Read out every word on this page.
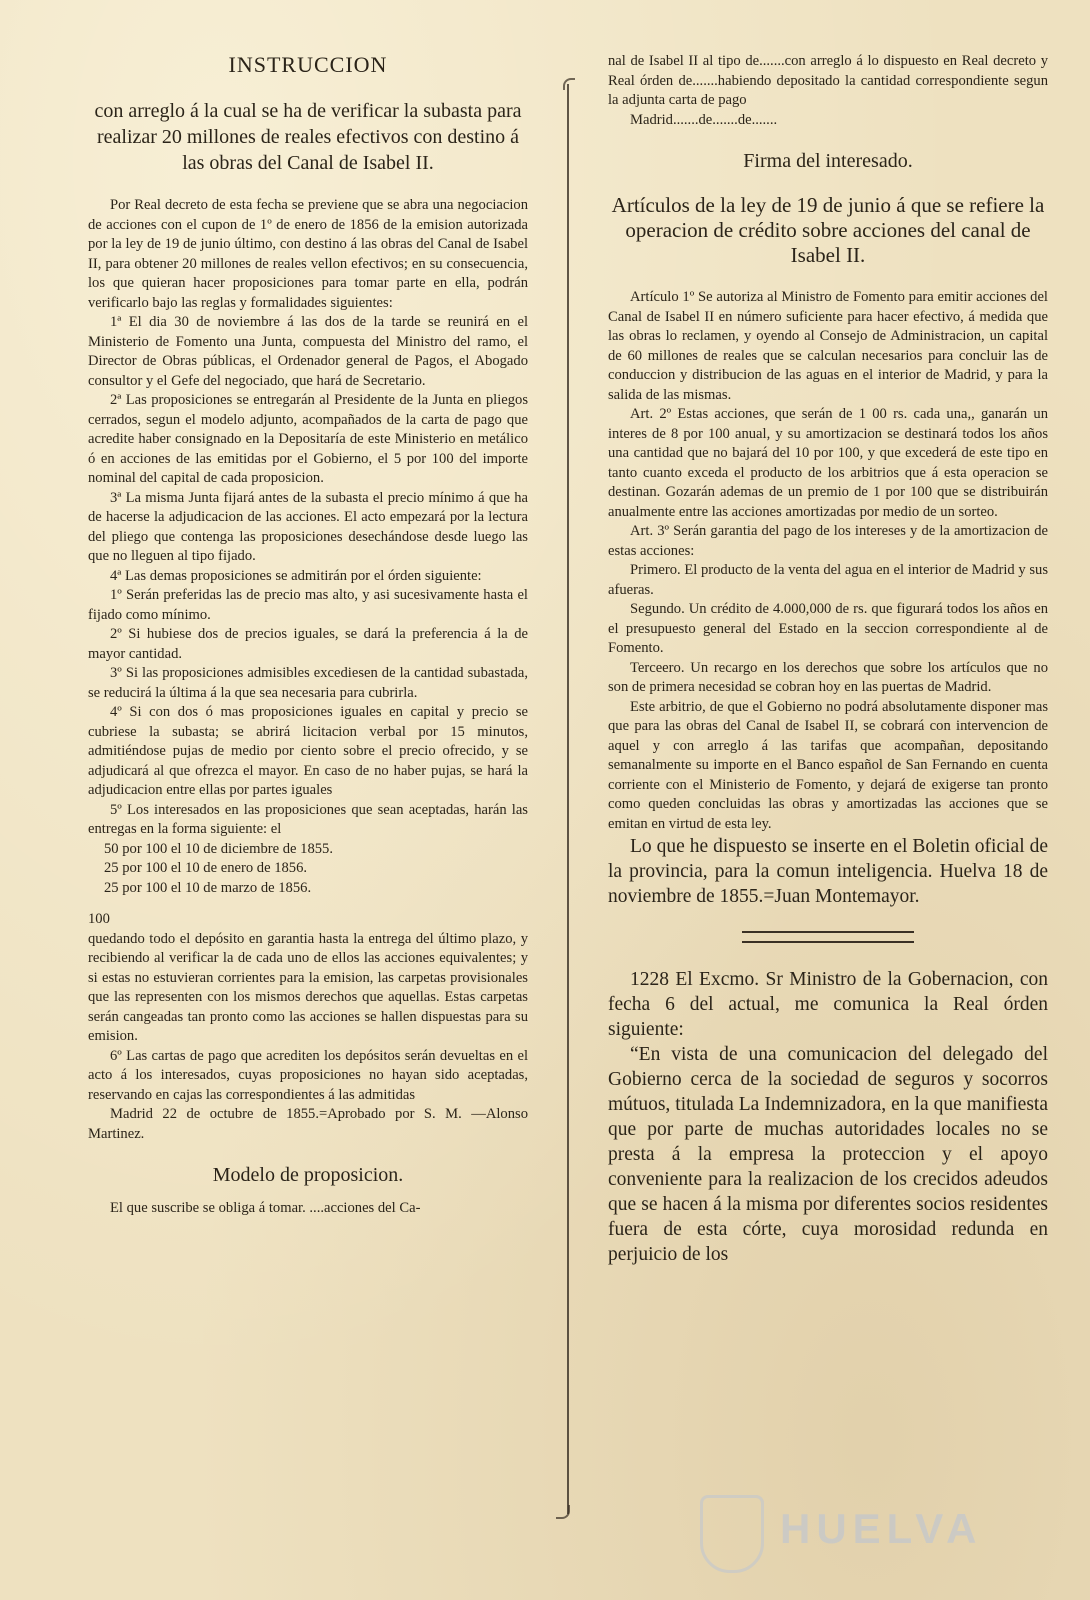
INSTRUCCION
con arreglo á la cual se ha de verificar la subasta para realizar 20 millones de reales efectivos con destino á las obras del Canal de Isabel II.

Por Real decreto de esta fecha se previene que se abra una negociacion de acciones con el cupon de 1º de enero de 1856 de la emision autorizada por la ley de 19 de junio último, con destino á las obras del Canal de Isabel II, para obtener 20 millones de reales vellon efectivos; en su consecuencia, los que quieran hacer proposiciones para tomar parte en ella, podrán verificarlo bajo las reglas y formalidades siguientes:

1ª El dia 30 de noviembre á las dos de la tarde se reunirá en el Ministerio de Fomento una Junta, compuesta del Ministro del ramo, el Director de Obras públicas, el Ordenador general de Pagos, el Abogado consultor y el Gefe del negociado, que hará de Secretario.

2ª Las proposiciones se entregarán al Presidente de la Junta en pliegos cerrados, segun el modelo adjunto, acompañados de la carta de pago que acredite haber consignado en la Depositaría de este Ministerio en metálico ó en acciones de las emitidas por el Gobierno, el 5 por 100 del importe nominal del capital de cada proposicion.

3ª La misma Junta fijará antes de la subasta el precio mínimo á que ha de hacerse la adjudicacion de las acciones. El acto empezará por la lectura del pliego que contenga las proposiciones desechándose desde luego las que no lleguen al tipo fijado.

4ª Las demas proposiciones se admitirán por el órden siguiente:

1º Serán preferidas las de precio mas alto, y asi sucesivamente hasta el fijado como mínimo.

2º Si hubiese dos de precios iguales, se dará la preferencia á la de mayor cantidad.

3º Si las proposiciones admisibles excediesen de la cantidad subastada, se reducirá la última á la que sea necesaria para cubrirla.

4º Si con dos ó mas proposiciones iguales en capital y precio se cubriese la subasta; se abrirá licitacion verbal por 15 minutos, admitiéndose pujas de medio por ciento sobre el precio ofrecido, y se adjudicará al que ofrezca el mayor. En caso de no haber pujas, se hará la adjudicacion entre ellas por partes iguales

5º Los interesados en las proposiciones que sean aceptadas, harán las entregas en la forma siguiente: el

50 por 100 el 10 de diciembre de 1855.

25 por 100 el 10 de enero de 1856.

25 por 100 el 10 de marzo de 1856.

100

quedando todo el depósito en garantia hasta la entrega del último plazo, y recibiendo al verificar la de cada uno de ellos las acciones equivalentes; y si estas no estuvieran corrientes para la emision, las carpetas provisionales que las representen con los mismos derechos que aquellas. Estas carpetas serán cangeadas tan pronto como las acciones se hallen dispuestas para su emision.

6º Las cartas de pago que acrediten los depósitos serán devueltas en el acto á los interesados, cuyas proposiciones no hayan sido aceptadas, reservando en cajas las correspondientes á las admitidas

Madrid 22 de octubre de 1855.=Aprobado por S. M. —Alonso Martinez.

Modelo de proposicion.

El que suscribe se obliga á tomar. ....acciones del Ca-

nal de Isabel II al tipo de.......con arreglo á lo dispuesto en Real decreto y Real órden de.......habiendo depositado la cantidad correspondiente segun la adjunta carta de pago

Madrid.......de.......de.......

Firma del interesado.
Artículos de la ley de 19 de junio á que se refiere la operacion de crédito sobre acciones del canal de Isabel II.

Artículo 1º Se autoriza al Ministro de Fomento para emitir acciones del Canal de Isabel II en número suficiente para hacer efectivo, á medida que las obras lo reclamen, y oyendo al Consejo de Administracion, un capital de 60 millones de reales que se calculan necesarios para concluir las de conduccion y distribucion de las aguas en el interior de Madrid, y para la salida de las mismas.

Art. 2º Estas acciones, que serán de 1 00 rs. cada una,, ganarán un interes de 8 por 100 anual, y su amortizacion se destinará todos los años una cantidad que no bajará del 10 por 100, y que excederá de este tipo en tanto cuanto exceda el producto de los arbitrios que á esta operacion se destinan. Gozarán ademas de un premio de 1 por 100 que se distribuirán anualmente entre las acciones amortizadas por medio de un sorteo.

Art. 3º Serán garantia del pago de los intereses y de la amortizacion de estas acciones:

Primero. El producto de la venta del agua en el interior de Madrid y sus afueras.

Segundo. Un crédito de 4.000,000 de rs. que figurará todos los años en el presupuesto general del Estado en la seccion correspondiente al de Fomento.

Terceero. Un recargo en los derechos que sobre los artículos que no son de primera necesidad se cobran hoy en las puertas de Madrid.

Este arbitrio, de que el Gobierno no podrá absolutamente disponer mas que para las obras del Canal de Isabel II, se cobrará con intervencion de aquel y con arreglo á las tarifas que acompañan, depositando semanalmente su importe en el Banco español de San Fernando en cuenta corriente con el Ministerio de Fomento, y dejará de exigerse tan pronto como queden concluidas las obras y amortizadas las acciones que se emitan en virtud de esta ley.

Lo que he dispuesto se inserte en el Boletin oficial de la provincia, para la comun inteligencia. Huelva 18 de noviembre de 1855.=Juan Montemayor.

1228 El Excmo. Sr Ministro de la Gobernacion, con fecha 6 del actual, me comunica la Real órden siguiente:

“En vista de una comunicacion del delegado del Gobierno cerca de la sociedad de seguros y socorros mútuos, titulada La Indemnizadora, en la que manifiesta que por parte de muchas autoridades locales no se presta á la empresa la proteccion y el apoyo conveniente para la realizacion de los crecidos adeudos que se hacen á la misma por diferentes socios residentes fuera de esta córte, cuya morosidad redunda en perjuicio de los

HUELVA
